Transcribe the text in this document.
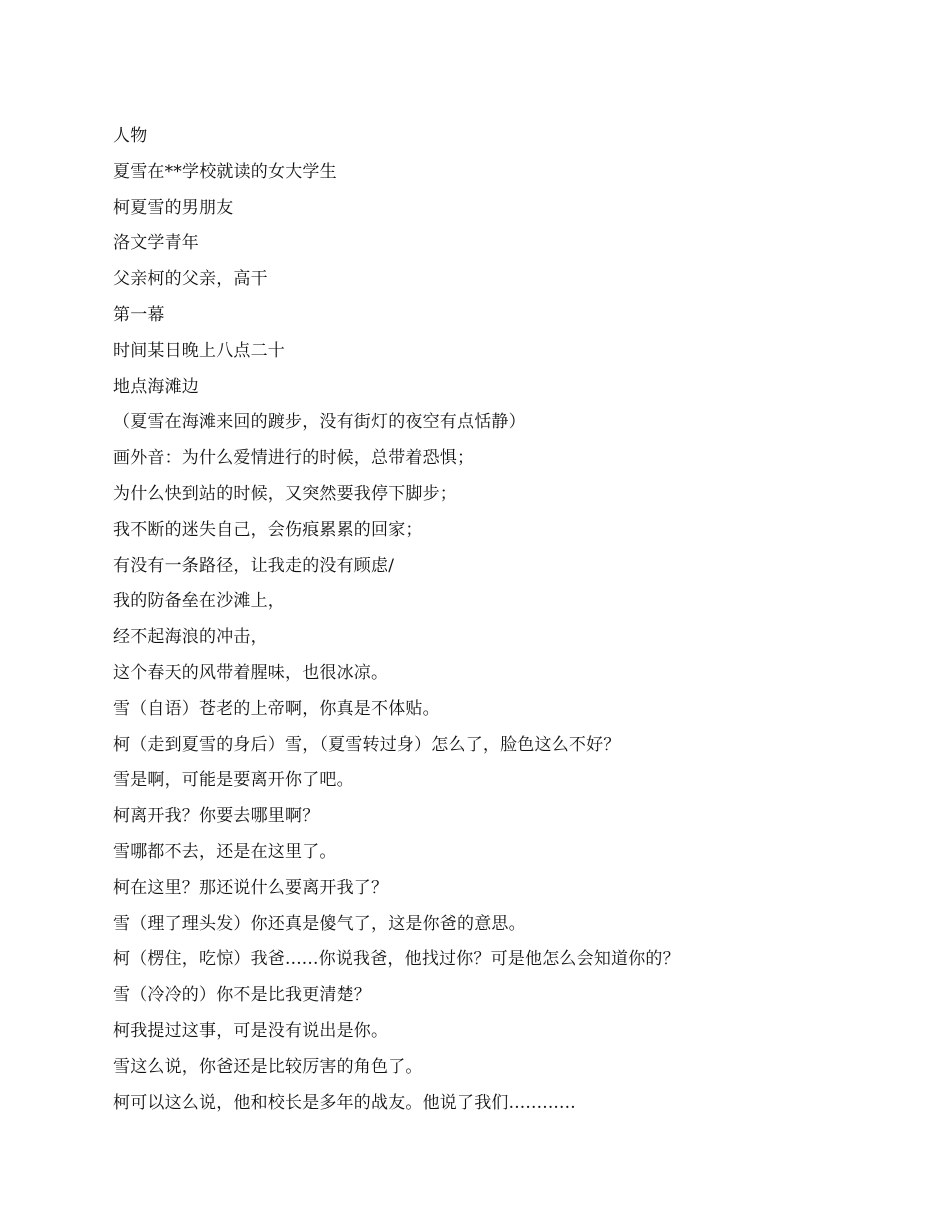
人物
夏雪在**学校就读的女大学生
柯夏雪的男朋友
洛文学青年
父亲柯的父亲，高干
第一幕
时间某日晚上八点二十
地点海滩边
（夏雪在海滩来回的踱步，没有街灯的夜空有点恬静）
画外音：为什么爱情进行的时候，总带着恐惧；
为什么快到站的时候，又突然要我停下脚步；
我不断的迷失自己，会伤痕累累的回家；
有没有一条路径，让我走的没有顾虑/
我的防备垒在沙滩上，
经不起海浪的冲击，
这个春天的风带着腥味，也很冰凉。
雪（自语）苍老的上帝啊，你真是不体贴。
柯（走到夏雪的身后）雪，（夏雪转过身）怎么了，脸色这么不好？
雪是啊，可能是要离开你了吧。
柯离开我？你要去哪里啊？
雪哪都不去，还是在这里了。
柯在这里？那还说什么要离开我了？
雪（理了理头发）你还真是傻气了，这是你爸的意思。
柯（楞住，吃惊）我爸......你说我爸，他找过你？可是他怎么会知道你的？
雪（冷冷的）你不是比我更清楚？
柯我提过这事，可是没有说出是你。
雪这么说，你爸还是比较厉害的角色了。
柯可以这么说，他和校长是多年的战友。他说了我们............
